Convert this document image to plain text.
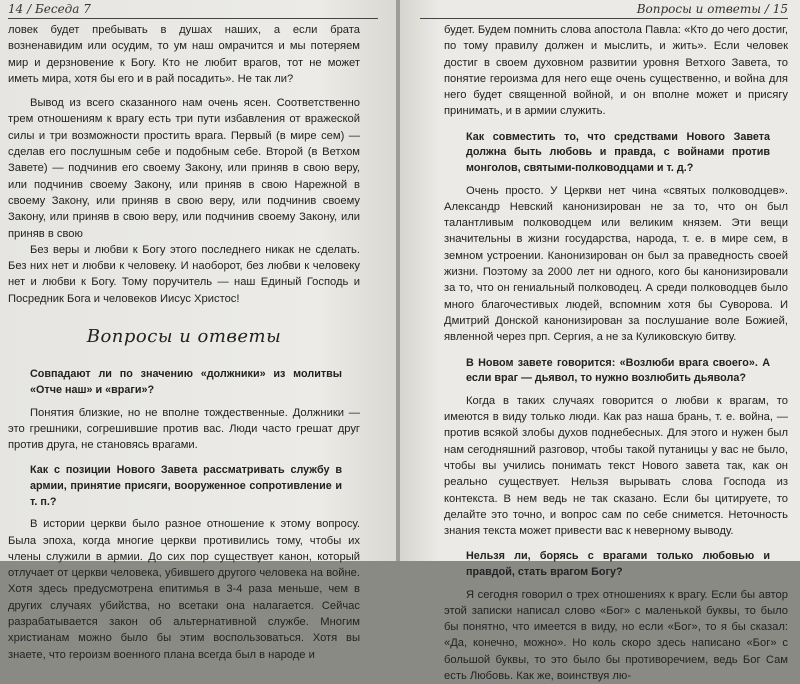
14 / Беседа 7

ловек будет пребывать в душах наших, а если брата возненавидим или осудим, то ум наш омрачится и мы потеряем мир и дерзновение к Богу. Кто не любит врагов, тот не может иметь мира, хотя бы его и в рай посадить». Не так ли?

Вывод из всего сказанного нам очень ясен. Соответственно трем отношениям к врагу есть три пути избавления от вражеской силы и три возможности простить врага. Первый (в мире сем) — сделав его послушным себе и подобным себе. Второй (в Ветхом Завете) — подчинив его своему Закону, или приняв в свою веру, или подчинив своему Закону, или приняв в свою Нарежной в своему Закону, или приняв в свою веру, или подчинив своему Закону, или приняв в свою веру, или подчинив своему Закону, или приняв в свою

Без веры и любви к Богу этого последнего никак не сделать. Без них нет и любви к человеку. И наоборот, без любви к человеку нет и любви к Богу. Тому поручитель — наш Единый Господь и Посредник Бога и человеков Иисус Христос!

Вопросы и ответы

Совпадают ли по значению «должники» из молитвы «Отче наш» и «враги»?

Понятия близкие, но не вполне тождественные. Должники — это грешники, согрешившие против вас. Люди часто грешат друг против друга, не становясь врагами.

Как с позиции Нового Завета рассматривать службу в армии, принятие присяги, вооруженное сопротивление и т. п.?

В истории церкви было разное отношение к этому вопросу. Была эпоха, когда многие церкви противились тому, чтобы их члены служили в армии. До сих пор существует канон, который отлучает от церкви человека, убившего другого человека на войне. Хотя здесь предусмотрена епитимья в 3-4 раза меньше, чем в других случаях убийства, но всетаки она налагается. Сейчас разрабатывается закон об альтернативной службе. Многим христианам можно было бы этим воспользоваться. Хотя вы знаете, что героизм военного плана всегда был в народе и

Вопросы и ответы / 15

будет. Будем помнить слова апостола Павла: «Кто до чего достиг, по тому правилу должен и мыслить, и жить». Если человек достиг в своем духовном развитии уровня Ветхого Завета, то понятие героизма для него еще очень существенно, и война для него будет священной войной, и он вполне может и присягу принимать, и в армии служить.

Как совместить то, что средствами Нового Завета должна быть любовь и правда, с войнами против монголов, святыми-полководцами и т. д.?

Очень просто. У Церкви нет чина «святых полководцев». Александр Невский канонизирован не за то, что он был талантливым полководцем или великим князем. Эти вещи значительны в жизни государства, народа, т. е. в мире сем, в земном устроении. Канонизирован он был за праведность своей жизни. Поэтому за 2000 лет ни одного, кого бы канонизировали за то, что он гениальный полководец. А среди полководцев было много благочестивых людей, вспомним хотя бы Суворова. И Дмитрий Донской канонизирован за послушание воле Божией, явленной через прп. Сергия, а не за Куликовскую битву.

В Новом завете говорится: «Возлюби врага своего». А если враг — дьявол, то нужно возлюбить дьявола?

Когда в таких случаях говорится о любви к врагам, то имеются в виду только люди. Как раз наша брань, т. е. война, — против всякой злобы духов поднебесных. Для этого и нужен был нам сегодняшний разговор, чтобы такой путаницы у вас не было, чтобы вы учились понимать текст Нового завета так, как он реально существует. Нельзя вырывать слова Господа из контекста. В нем ведь не так сказано. Если бы цитируете, то делайте это точно, и вопрос сам по себе снимется. Неточность знания текста может привести вас к неверному выводу.

Нельзя ли, борясь с врагами только любовью и правдой, стать врагом Богу?

Я сегодня говорил о трех отношениях к врагу. Если бы автор этой записки написал слово «Бог» с маленькой буквы, то было бы понятно, что имеется в виду, но если «Бог», то я бы сказал: «Да, конечно, можно». Но коль скоро здесь написано «Бог» с большой буквы, то это было бы противоречием, ведь Бог Сам есть Любовь. Как же, воинствуя лю-
